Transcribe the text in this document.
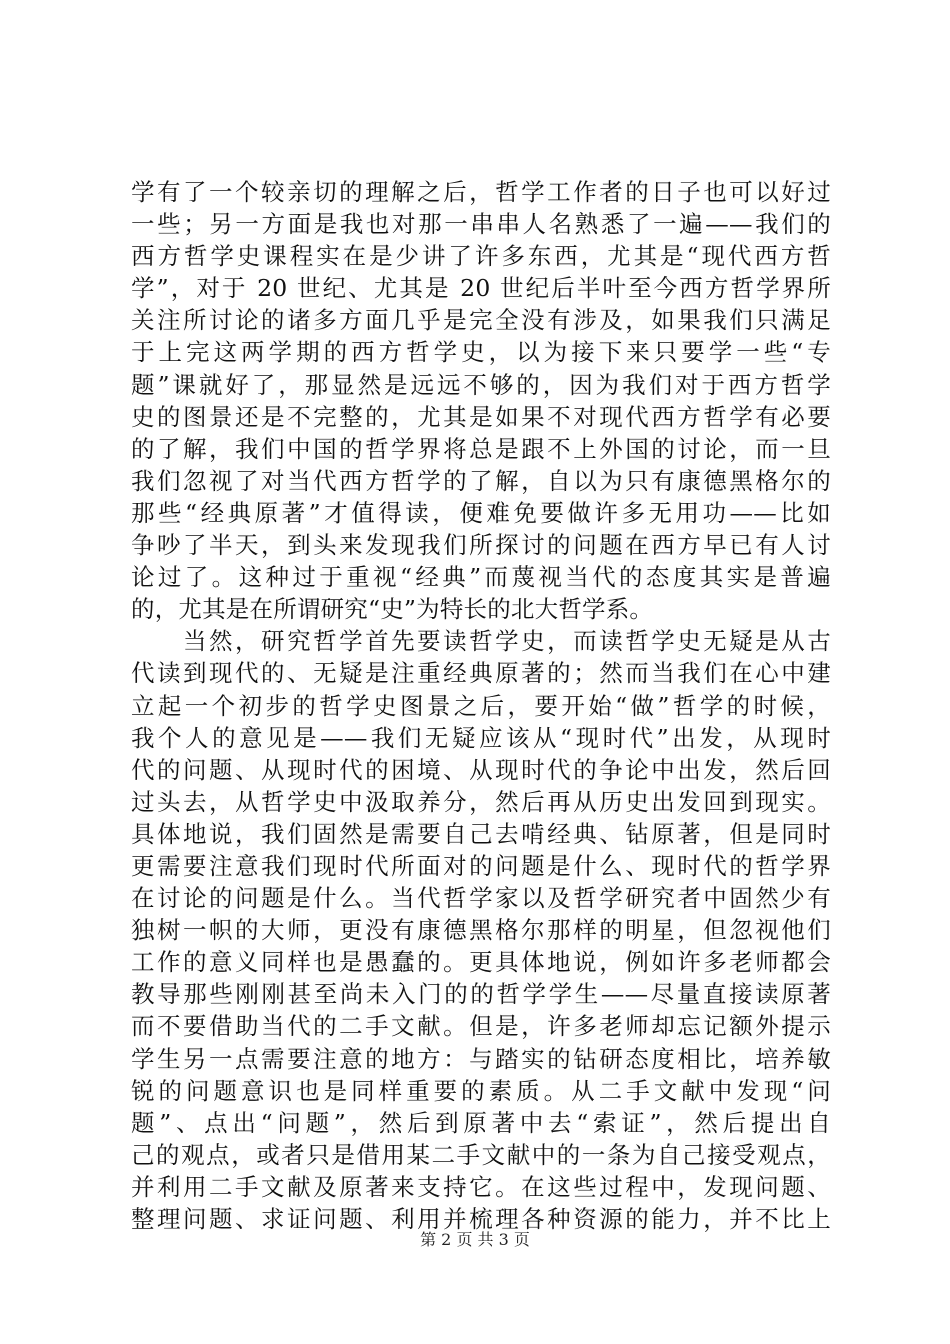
学有了一个较亲切的理解之后，哲学工作者的日子也可以好过
一些；另一方面是我也对那一串串人名熟悉了一遍——我们的
西方哲学史课程实在是少讲了许多东西，尤其是“现代西方哲
学”，对于 20 世纪、尤其是 20 世纪后半叶至今西方哲学界所
关注所讨论的诸多方面几乎是完全没有涉及，如果我们只满足
于上完这两学期的西方哲学史，以为接下来只要学一些“专
题”课就好了，那显然是远远不够的，因为我们对于西方哲学
史的图景还是不完整的，尤其是如果不对现代西方哲学有必要
的了解，我们中国的哲学界将总是跟不上外国的讨论，而一旦
我们忽视了对当代西方哲学的了解，自以为只有康德黑格尔的
那些“经典原著”才值得读，便难免要做许多无用功——比如
争吵了半天，到头来发现我们所探讨的问题在西方早已有人讨
论过了。这种过于重视“经典”而蔑视当代的态度其实是普遍
的，尤其是在所谓研究“史”为特长的北大哲学系。
　　当然，研究哲学首先要读哲学史，而读哲学史无疑是从古
代读到现代的、无疑是注重经典原著的；然而当我们在心中建
立起一个初步的哲学史图景之后，要开始“做”哲学的时候，
我个人的意见是——我们无疑应该从“现时代”出发，从现时
代的问题、从现时代的困境、从现时代的争论中出发，然后回
过头去，从哲学史中汲取养分，然后再从历史出发回到现实。
具体地说，我们固然是需要自己去啃经典、钻原著，但是同时
更需要注意我们现时代所面对的问题是什么、现时代的哲学界
在讨论的问题是什么。当代哲学家以及哲学研究者中固然少有
独树一帜的大师，更没有康德黑格尔那样的明星，但忽视他们
工作的意义同样也是愚蠢的。更具体地说，例如许多老师都会
教导那些刚刚甚至尚未入门的的哲学学生——尽量直接读原著
而不要借助当代的二手文献。但是，许多老师却忘记额外提示
学生另一点需要注意的地方：与踏实的钻研态度相比，培养敏
锐的问题意识也是同样重要的素质。从二手文献中发现“问
题”、点出“问题”，然后到原著中去“索证”，然后提出自
己的观点，或者只是借用某二手文献中的一条为自己接受观点，
并利用二手文献及原著来支持它。在这些过程中，发现问题、
整理问题、求证问题、利用并梳理各种资源的能力，并不比上
第 2 页 共 3 页
